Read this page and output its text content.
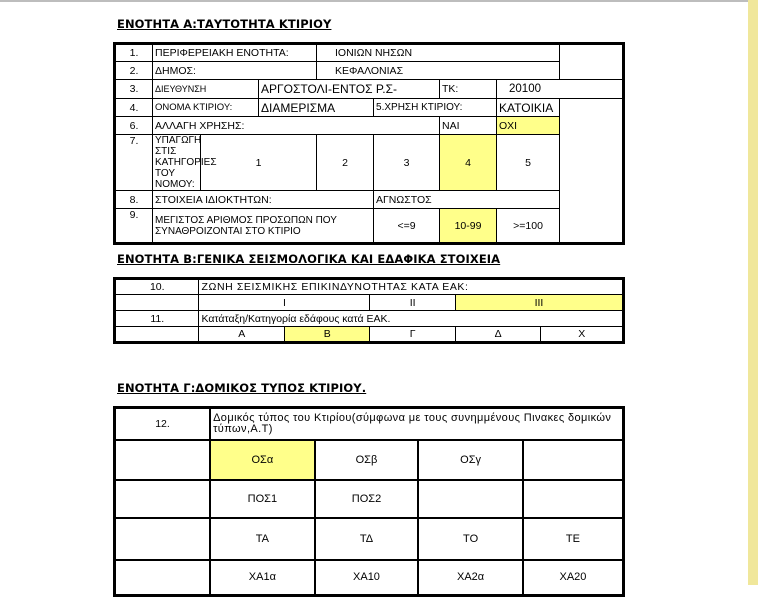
ΕΝΟΤΗΤΑ Α:ΤΑΥΤΟΤΗΤΑ ΚΤΙΡΙΟΥ
1.	ΠΕΡΙΦΕΡΕΙΑΚΗ ΕΝΟΤΗΤΑ:			ΙΟΝΙΩΝ ΝΗΣΩΝ			
2.	ΔΗΜΟΣ:			ΚΕΦΑΛΟΝΙΑΣ			
3.	ΔΙΕΥΘΥΝΣΗ		ΑΡΓΟΣΤΟΛΙ-ΕΝΤΟΣ Ρ.Σ-			ΤΚ:	20100
4.	ΟΝΟΜΑ ΚΤΙΡΙΟΥ:		ΔΙΑΜΕΡΙΣΜΑ		5.ΧΡΗΣΗ ΚΤΙΡΙΟΥ:		ΚΑΤΟΙΚΙΑ
6.	ΑΛΛΑΓΗ ΧΡΗΣΗΣ:					ΝΑΙ	ΟΧΙ
7.	ΥΠΑΓΩΓΗ ΣΤΙΣ ΚΑΤΗΓΟΡΙΕΣ ΤΟΥ ΝΟΜΟΥ:	1		2	3	4	5
8.	ΣΤΟΙΧΕΙΑ ΙΔΙΟΚΤΗΤΩΝ:				ΑΓΝΩΣΤΟΣ		
9.	ΜΕΓΙΣΤΟΣ ΑΡΙΘΜΟΣ ΠΡΟΣΩΠΩΝ ΠΟΥ ΣΥΝΑΘΡΟΙΖΟΝΤΑΙ ΣΤΟ ΚΤΙΡΙΟ				<=9	10-99	>=100
ΕΝΟΤΗΤΑ Β:ΓΕΝΙΚΑ ΣΕΙΣΜΟΛΟΓΙΚΑ ΚΑΙ ΕΔΑΦΙΚΑ ΣΤΟΙΧΕΙΑ
10.	ΖΩΝΗ ΣΕΙΣΜΙΚΗΣ ΕΠΙΚΙΝΔΥΝΟΤΗΤΑΣ ΚΑΤΑ ΕΑΚ:				
	I		II	III	
11.	Κατάταξη/Κατηγορία εδάφους κατά ΕΑΚ.				
	Α	Β	Γ	Δ	Χ
ΕΝΟΤΗΤΑ Γ:ΔΟΜΙΚΟΣ ΤΥΠΟΣ ΚΤΙΡΙΟΥ.
12.	Δομικός τύπος του Κτιρίου(σύμφωνα με τους συνημμένους Πινακες δομικών τύπων,Α.Τ)			
	ΟΣα	ΟΣβ	ΟΣγ	
	ΠΟΣ1	ΠΟΣ2		
	ΤΑ	ΤΔ	ΤΟ	ΤΕ
	ΧΑ1α	ΧΑ10	ΧΑ2α	ΧΑ20
